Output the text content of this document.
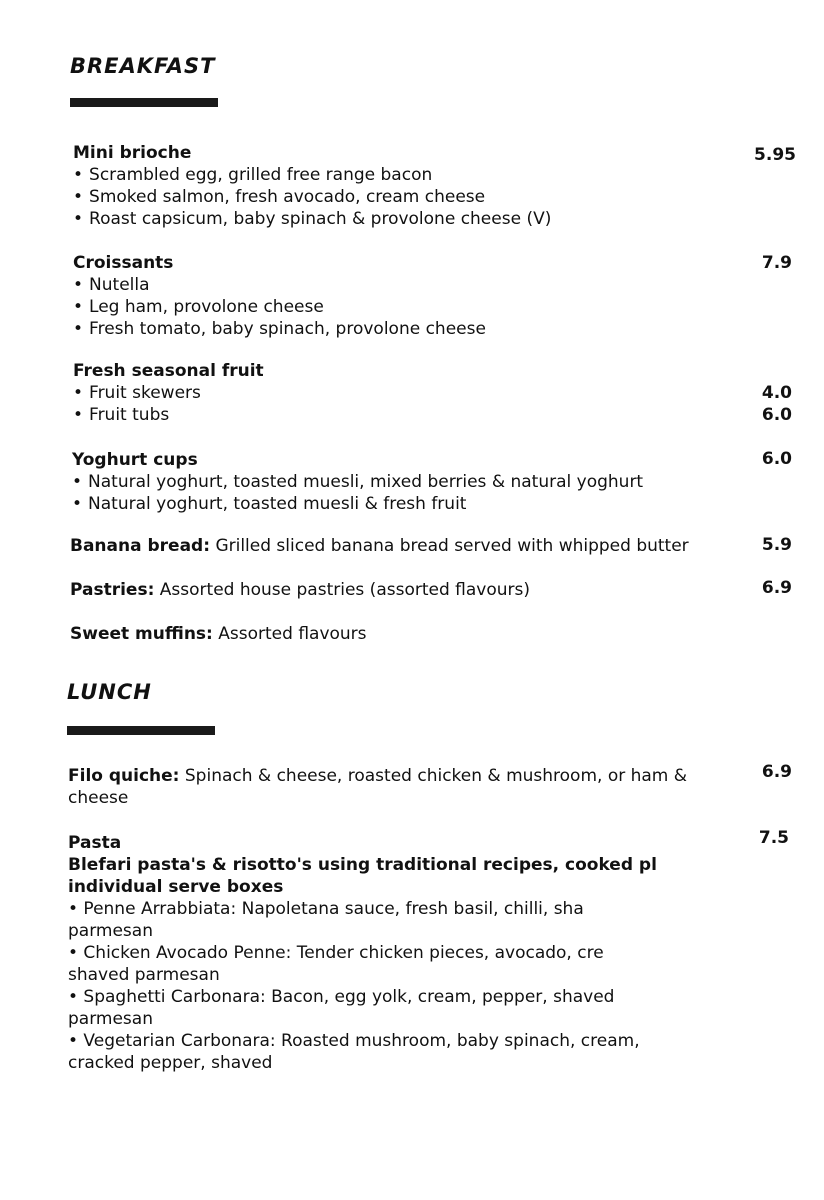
BREAKFAST
Mini brioche
• Scrambled egg, grilled free range bacon
• Smoked salmon, fresh avocado, cream cheese
• Roast capsicum, baby spinach & provolone cheese (V)
5.95
Croissants
• Nutella
• Leg ham, provolone cheese
• Fresh tomato, baby spinach, provolone cheese
7.9
Fresh seasonal fruit
• Fruit skewers
• Fruit tubs
4.0
6.0
Yoghurt cups
• Natural yoghurt, toasted muesli, mixed berries & natural yoghurt
• Natural yoghurt, toasted muesli & fresh fruit
6.0
Banana bread: Grilled sliced banana bread served with whipped butter	5.9
Pastries: Assorted house pastries (assorted flavours)	6.9
Sweet muffins: Assorted flavours
LUNCH
Filo quiche: Spinach & cheese, roasted chicken & mushroom, or ham &
cheese
6.9
Pasta
Blefari pasta's & risotto's using traditional recipes, cooked pl
individual serve boxes
• Penne Arrabbiata: Napoletana sauce, fresh basil, chilli, sha
parmesan
• Chicken Avocado Penne: Tender chicken pieces, avocado, cre
shaved parmesan
• Spaghetti Carbonara: Bacon, egg yolk, cream, pepper, shaved
parmesan
• Vegetarian Carbonara: Roasted mushroom, baby spinach, cream,
cracked pepper, shaved
7.5
